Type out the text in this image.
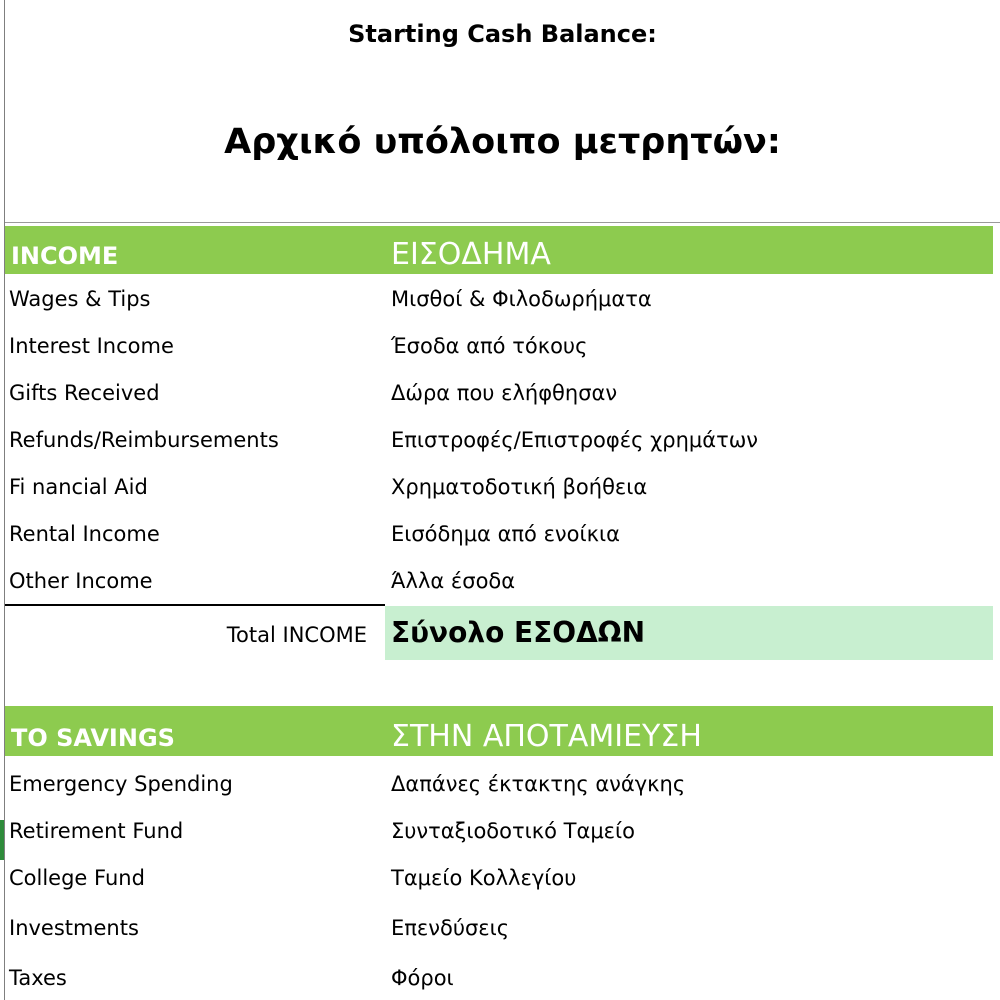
Starting Cash Balance:
Αρχικό υπόλοιπο μετρητών:
INCOME	ΕΙΣΟΔΗΜΑ
Wages & Tips	Μισθοί & Φιλοδωρήματα
Interest Income	Έσοδα από τόκους
Gifts Received	Δώρα που ελήφθησαν
Refunds/Reimbursements	Επιστροφές/Επιστροφές χρημάτων
Fi nancial Aid	Χρηματοδοτική βοήθεια
Rental Income	Εισόδημα από ενοίκια
Other Income	Άλλα έσοδα
Total INCOME Σύνολο ΕΣΟΔΩΝ
TO SAVINGS	ΣΤΗΝ ΑΠΟΤΑΜΙΕΥΣΗ
Emergency Spending	Δαπάνες έκτακτης ανάγκης
Retirement Fund	Συνταξιοδοτικό Ταμείο
College Fund	Ταμείο Κολλεγίου
Investments	Επενδύσεις
Taxes	Φόροι
